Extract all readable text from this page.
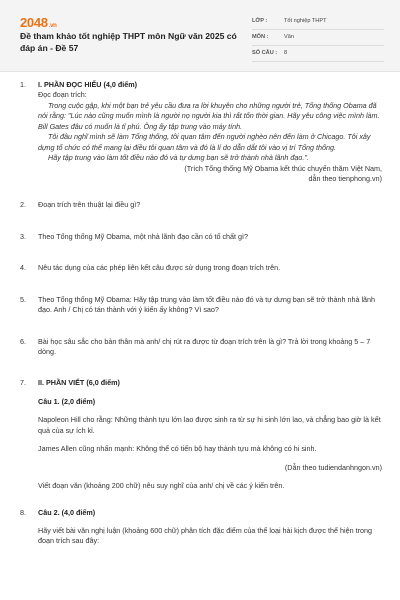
2048.vn
Đề tham khảo tốt nghiệp THPT môn Ngữ văn 2025 có đáp án - Đề 57
LỚP :	Tốt nghiệp THPT
MÔN :	Văn
SỐ CÂU :	8
1.	I. PHẦN ĐỌC HIỂU (4,0 điểm)
Đọc đoạn trích:
Trong cuộc gặp, khi một bạn trẻ yêu cầu đưa ra lời khuyên cho những người trẻ, Tổng thống Obama đã nói rằng: "Lúc nào cũng muốn mình là người nọ người kia thì rất tốn thời gian. Hãy yêu công việc mình làm. Bill Gates đâu có muốn là tỉ phú. Ông ấy tập trung vào máy tính.
Tôi đâu nghĩ mình sẽ làm Tổng thống, tôi quan tâm đến người nghèo nên đến làm ở Chicago. Tôi xây dựng tổ chức có thể mang lại điều tôi quan tâm và đó là lí do dẫn dắt tôi vào vị trí Tổng thống.
Hãy tập trung vào làm tốt điều nào đó và tự dưng bạn sẽ trở thành nhà lãnh đạo.".
(Trích Tổng thống Mỹ Obama kết thúc chuyến thăm Việt Nam,
dẫn theo tienphong.vn)
2.	Đoạn trích trên thuật lại điều gì?
3.	Theo Tổng thống Mỹ Obama, một nhà lãnh đạo cần có tố chất gì?
4.	Nêu tác dụng của các phép liên kết câu được sử dụng trong đoạn trích trên.
5.	Theo Tổng thống Mỹ Obama: Hãy tập trung vào làm tốt điều nào đó và tự dưng bạn sẽ trở thành nhà lãnh đạo. Anh / Chị có tán thành với ý kiến ấy không? Vì sao?
6.	Bài học sâu sắc cho bản thân mà anh/ chị rút ra được từ đoạn trích trên là gì? Trả lời trong khoảng 5 – 7 dòng.
7.	II. PHẦN VIẾT (6,0 điểm)
Câu 1. (2,0 điểm)
Napoleon Hill cho rằng: Những thành tựu lớn lao được sinh ra từ sự hi sinh lớn lao, và chẳng bao giờ là kết quả của sự ích kỉ.
James Allen cũng nhấn mạnh: Không thể có tiến bộ hay thành tựu mà không có hi sinh.
(Dẫn theo tudiendanhngon.vn)
Viết đoạn văn (khoảng 200 chữ) nêu suy nghĩ của anh/ chị về các ý kiến trên.
8.	Câu 2. (4,0 điểm)
Hãy viết bài văn nghị luận (khoảng 600 chữ) phân tích đặc điểm của thể loại hài kịch được thể hiện trong đoạn trích sau đây:
